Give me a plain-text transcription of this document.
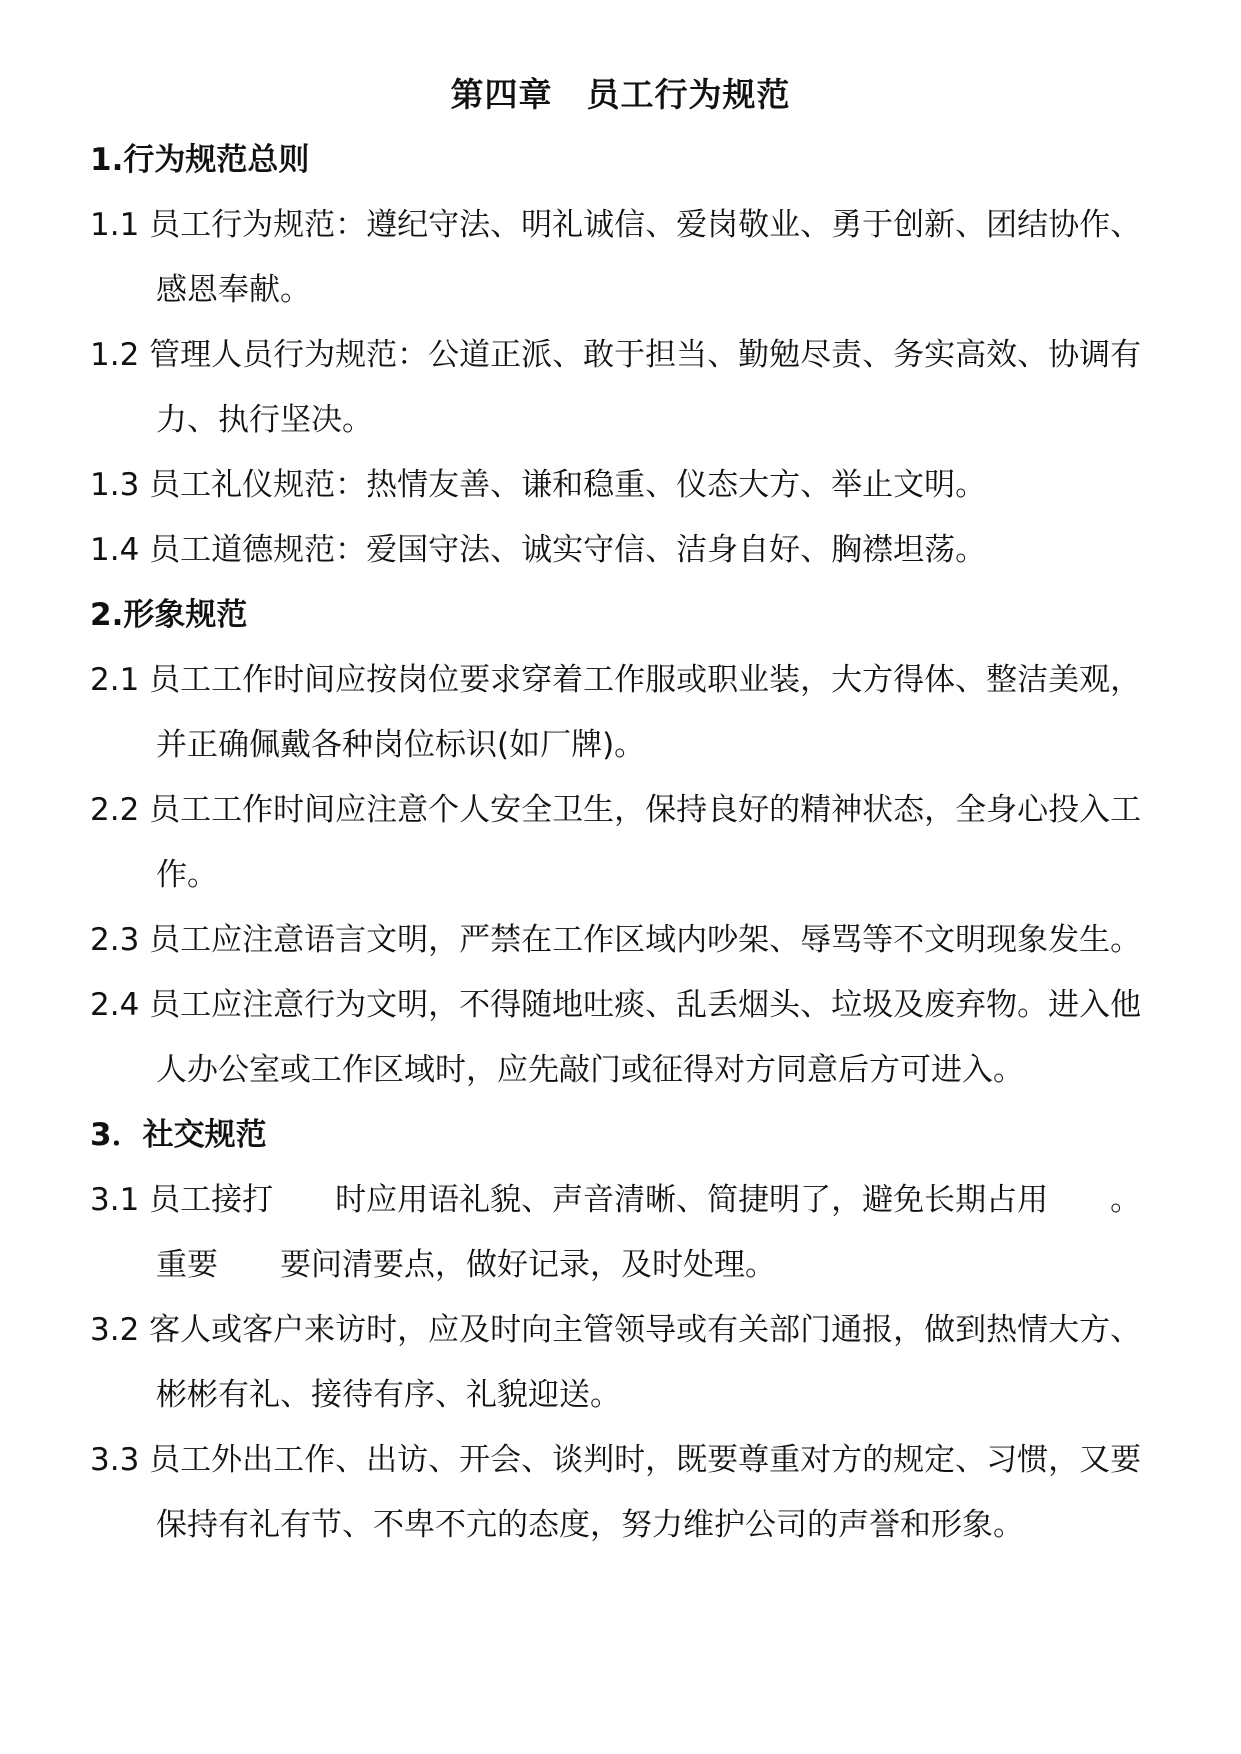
第四章　员工行为规范
1.行为规范总则
1.1 员工行为规范：遵纪守法、明礼诚信、爱岗敬业、勇于创新、团结协作、感恩奉献。
1.2 管理人员行为规范：公道正派、敢于担当、勤勉尽责、务实高效、协调有力、执行坚决。
1.3 员工礼仪规范：热情友善、谦和稳重、仪态大方、举止文明。
1.4 员工道德规范：爱国守法、诚实守信、洁身自好、胸襟坦荡。
2.形象规范
2.1 员工工作时间应按岗位要求穿着工作服或职业装，大方得体、整洁美观，并正确佩戴各种岗位标识(如厂牌)。
2.2 员工工作时间应注意个人安全卫生，保持良好的精神状态，全身心投入工作。
2.3 员工应注意语言文明，严禁在工作区域内吵架、辱骂等不文明现象发生。
2.4 员工应注意行为文明，不得随地吐痰、乱丢烟头、垃圾及废弃物。进入他人办公室或工作区域时，应先敲门或征得对方同意后方可进入。
3．社交规范
3.1 员工接打　　时应用语礼貌、声音清晰、简捷明了，避免长期占用　　。重要　　要问清要点，做好记录，及时处理。
3.2 客人或客户来访时，应及时向主管领导或有关部门通报，做到热情大方、彬彬有礼、接待有序、礼貌迎送。
3.3 员工外出工作、出访、开会、谈判时，既要尊重对方的规定、习惯，又要保持有礼有节、不卑不亢的态度，努力维护公司的声誉和形象。
